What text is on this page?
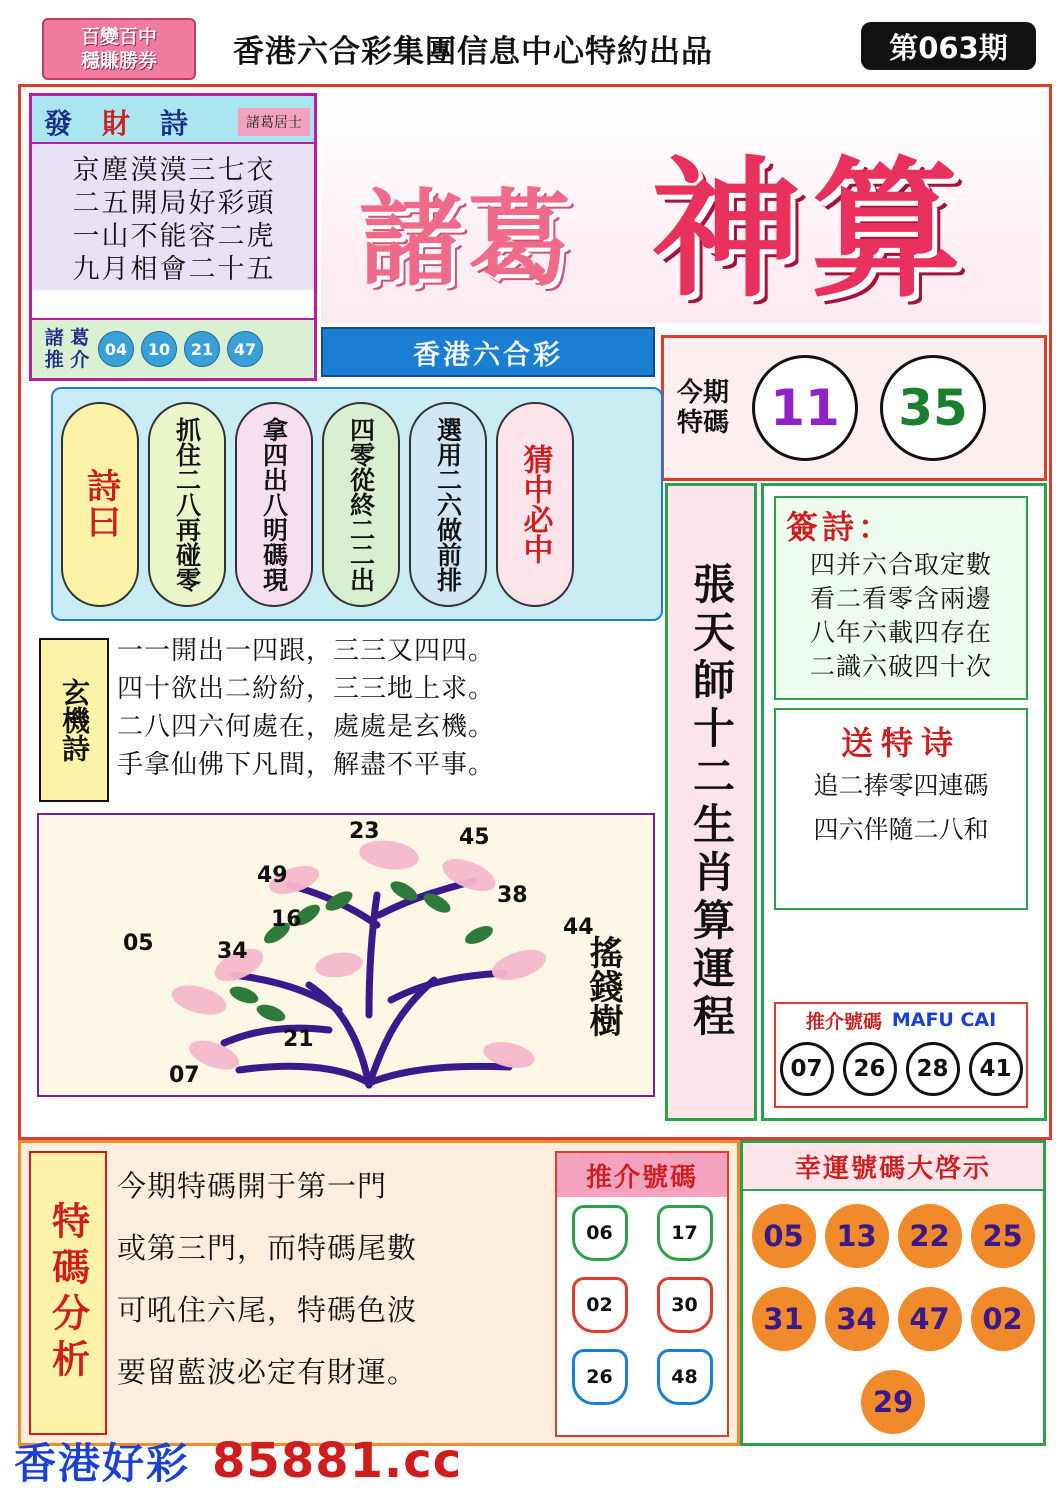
百變百中
穩賺勝券 香港六合彩集團信息中心特約出品	第063期
發 財 詩	諸葛居士
京塵漠漠三七衣
二五開局好彩頭
一山不能容二虎
九月相會二十五
諸 葛
推 介 04	10	21	47
諸葛 神算
香港六合彩
今期特碼 11	35
詩曰 抓住二八再碰零 拿四出八明碼現 四零從終二二出 選用二六做前排 猜中必中
玄機詩
一一開出一四跟，三三又四四。
四十欲出二紛紛，三三地上求。
二八四六何處在，處處是玄機。
手拿仙佛下凡間，解盡不平事。
23	45
49
38
16	44
05	34
21
07
搖錢樹 張天師十二生肖算運程
簽詩：
四并六合取定數
看二看零含兩邊
八年六載四存在
二識六破四十次
送特诗
追二捧零四連碼
四六伴隨二八和
推介號碼 MAFU CAI
07	26	28	41
特碼分析
今期特碼開于第一門
或第三門，而特碼尾數
可吼住六尾，特碼色波
要留藍波必定有財運。
推介號碼
06	17
02	30
26	48
幸運號碼大啓示
05	13	22	25
31	34	47	02
29
香港好彩 85881.cc
